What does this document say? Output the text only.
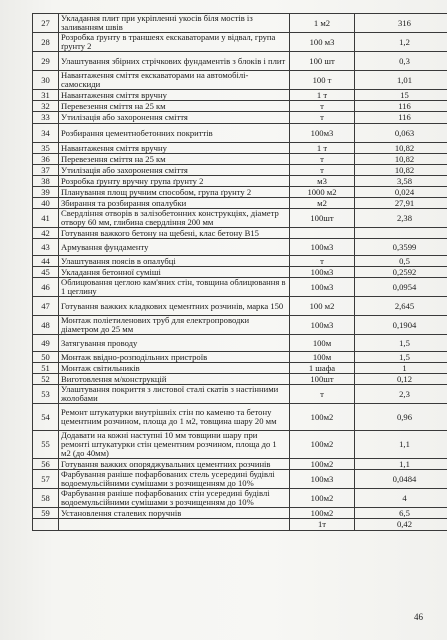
27	Укладання плит при укріпленні укосів біля мостів із заливанням швів	1 м2	316
28	Розробка ґрунту в траншеях екскаваторами у відвал, група ґрунту 2	100 м3	1,2
29	Улаштування збірних стрічкових фундаментів з блоків і плит	100 шт	0,3
30	Навантаження сміття екскаваторами на автомобілі-самоскиди	100 т	1,01
31	Навантаження сміття вручну	1 т	15
32	Перевезення сміття на 25 км	т	116
33	Утилізація або захоронення сміття	т	116
34	Розбирання цементнобетонних покриттів	100м3	0,063
35	Навантаження сміття вручну	1 т	10,82
36	Перевезення сміття на 25 км	т	10,82
37	Утилізація або захоронення сміття	т	10,82
38	Розробка ґрунту вручну група ґрунту 2	м3	3,58
39	Планування площ ручним способом, група ґрунту 2	1000 м2	0,024
40	Збирання та розбирання опалубки	м2	27,91
41	Свердління отворів в залізобетонних конструкціях, діаметр отвору 60 мм, глибина свердління 200 мм	100шт	2,38
42	Готування важкого бетону на щебені, клас бетону В15		
43	Армування фундаменту	100м3	0,3599
44	Улаштування поясів в опалубці	т	0,5
45	Укладання бетонної суміші	100м3	0,2592
46	Облицювання цеглою кам'яних стін, товщина облицювання в 1 цеглину	100м3	0,0954
47	Готування важких кладкових цементних розчинів, марка 150	100 м2	2,645
48	Монтаж поліетиленових труб для електропроводки діаметром до 25 мм	100м3	0,1904
49	Затягування проводу	100м	1,5
50	Монтаж ввідно-розподільних пристроїв	100м	1,5
51	Монтаж світильників	1 шафа	1
52	Виготовлення м/конструкцій	100шт	0,12
53	Улаштування покриття з листової сталі скатів з настінними жолобами	т	2,3
54	Ремонт штукатурки внутрішніх стін по каменю та бетону цементним розчином, площа до 1 м2, товщина шару 20 мм	100м2	0,96
55	Додавати на кожні наступні 10 мм товщини шару при ремонті штукатурки стін цементним розчином, площа до 1 м2 (до 40мм)	100м2	1,1
56	Готування важких опоряджувальних цементних розчинів	100м2	1,1
57	Фарбування раніше пофарбованих стель усередині будівлі водоемульсійними сумішами з розчищенням до 10%	100м3	0,0484
58	Фарбування раніше пофарбованих стін усередині будівлі водоемульсійними сумішами з розчищенням до 10%	100м2	4
59	Установлення сталевих поручнів	100м2	6,5
		1т	0,42
46
